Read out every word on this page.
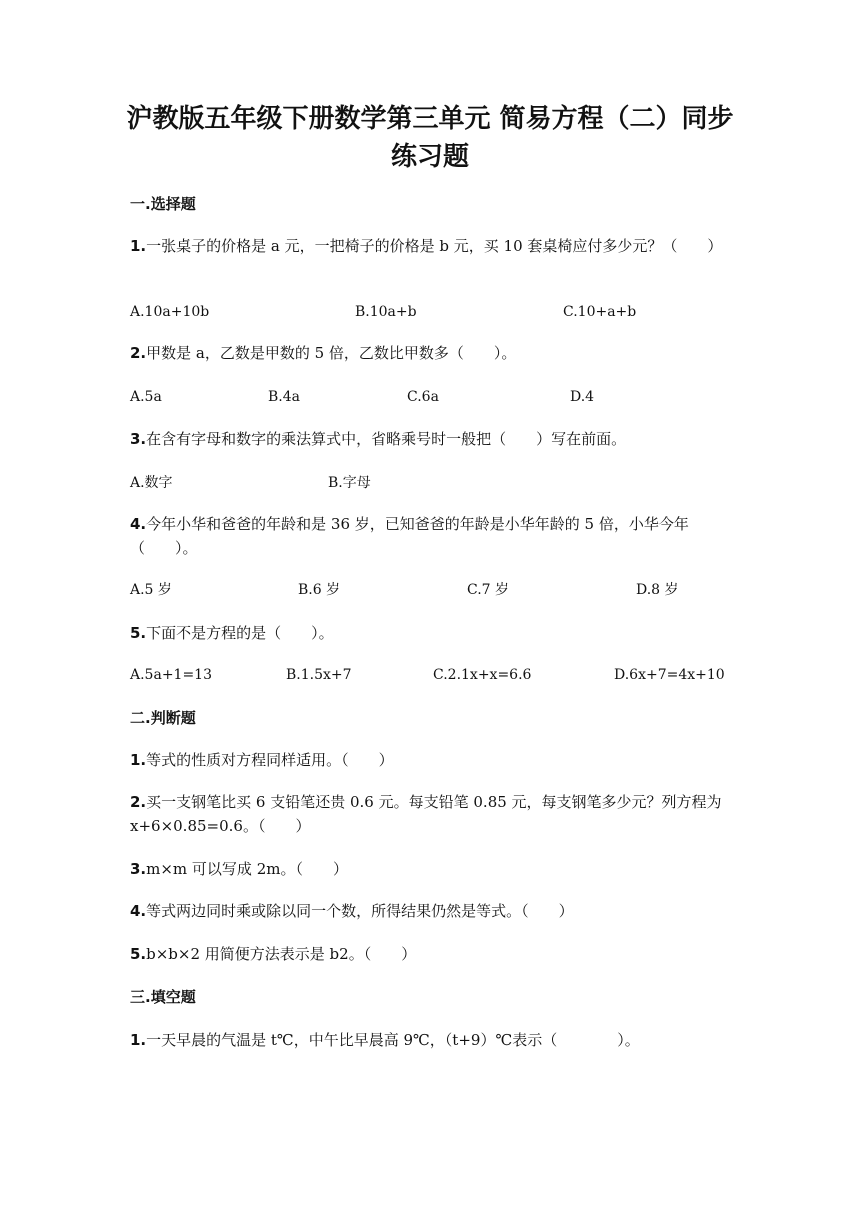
沪教版五年级下册数学第三单元 简易方程（二）同步练习题
一.选择题
1.一张桌子的价格是 a 元，一把椅子的价格是 b 元，买 10 套桌椅应付多少元？（　　）
A.10a+10b	B.10a+b	C.10+a+b
2.甲数是 a，乙数是甲数的 5 倍，乙数比甲数多（　　）。
A.5a	B.4a	C.6a	D.4
3.在含有字母和数字的乘法算式中，省略乘号时一般把（　　）写在前面。
A.数字	B.字母
4.今年小华和爸爸的年龄和是 36 岁，已知爸爸的年龄是小华年龄的 5 倍，小华今年（　　）。
A.5 岁	B.6 岁	C.7 岁	D.8 岁
5.下面不是方程的是（　　）。
A.5a+1=13	B.1.5x+7	C.2.1x+x=6.6	D.6x+7=4x+10
二.判断题
1.等式的性质对方程同样适用。（　　）
2.买一支钢笔比买 6 支铅笔还贵 0.6 元。每支铅笔 0.85 元，每支钢笔多少元？列方程为 x+6×0.85=0.6。（　　）
3.m×m 可以写成 2m。（　　）
4.等式两边同时乘或除以同一个数，所得结果仍然是等式。（　　）
5.b×b×2 用简便方法表示是 b2。（　　）
三.填空题
1.一天早晨的气温是 t℃，中午比早晨高 9℃，（t+9）℃表示（　　　　）。
